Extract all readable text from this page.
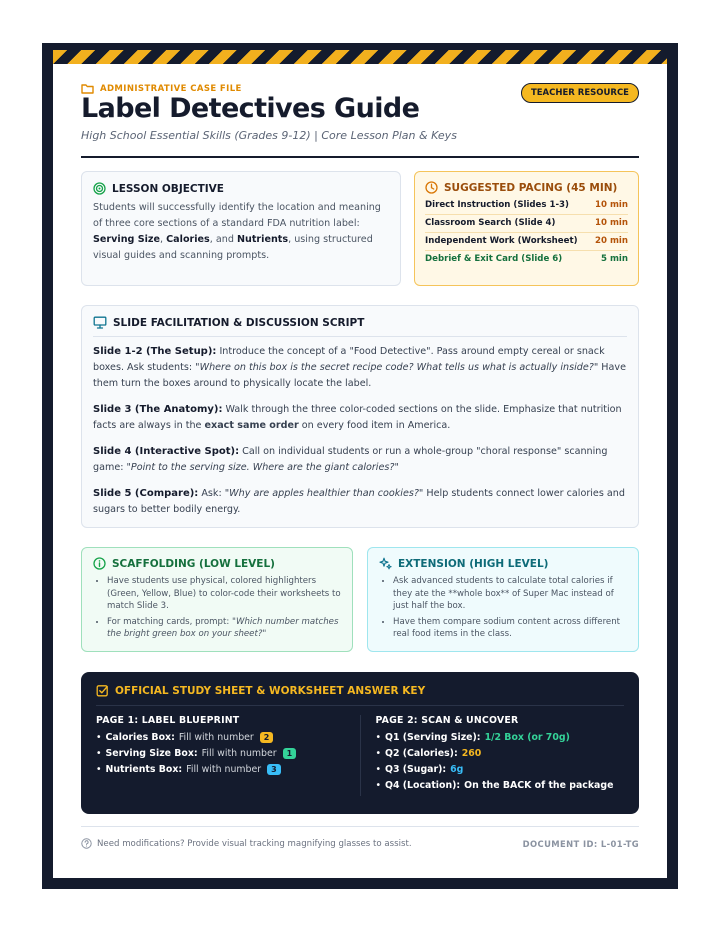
ADMINISTRATIVE CASE FILE
Label Detectives Guide
High School Essential Skills (Grades 9-12) | Core Lesson Plan & Keys
TEACHER RESOURCE
LESSON OBJECTIVE
Students will successfully identify the location and meaning of three core sections of a standard FDA nutrition label: Serving Size, Calories, and Nutrients, using structured visual guides and scanning prompts.
SUGGESTED PACING (45 MIN)
Direct Instruction (Slides 1-3)	10 min
Classroom Search (Slide 4)	10 min
Independent Work (Worksheet) 20 min
Debrief & Exit Card (Slide 6)	5 min
SLIDE FACILITATION & DISCUSSION SCRIPT
Slide 1-2 (The Setup): Introduce the concept of a "Food Detective". Pass around empty cereal or snack boxes. Ask students: "Where on this box is the secret recipe code? What tells us what is actually inside?" Have them turn the boxes around to physically locate the label.
Slide 3 (The Anatomy): Walk through the three color-coded sections on the slide. Emphasize that nutrition facts are always in the exact same order on every food item in America.
Slide 4 (Interactive Spot): Call on individual students or run a whole-group "choral response" scanning game: "Point to the serving size. Where are the giant calories?"
Slide 5 (Compare): Ask: "Why are apples healthier than cookies?" Help students connect lower calories and sugars to better bodily energy.
SCAFFOLDING (LOW LEVEL)
• Have students use physical, colored highlighters (Green, Yellow, Blue) to color-code their worksheets to match Slide 3.
• For matching cards, prompt: "Which number matches the bright green box on your sheet?"
EXTENSION (HIGH LEVEL)
• Ask advanced students to calculate total calories if they ate the **whole box** of Super Mac instead of just half the box.
• Have them compare sodium content across different real food items in the class.
OFFICIAL STUDY SHEET & WORKSHEET ANSWER KEY
PAGE 1: LABEL BLUEPRINT
• Calories Box: Fill with number	2
• Serving Size Box: Fill with number	1
• Nutrients Box: Fill with number	3
PAGE 2: SCAN & UNCOVER
• Q1 (Serving Size): 1/2 Box (or 70g)
• Q2 (Calories): 260
• Q3 (Sugar): 6g
• Q4 (Location): On the BACK of the package
Need modifications? Provide visual tracking magnifying glasses to assist.	DOCUMENT ID: L-01-TG
